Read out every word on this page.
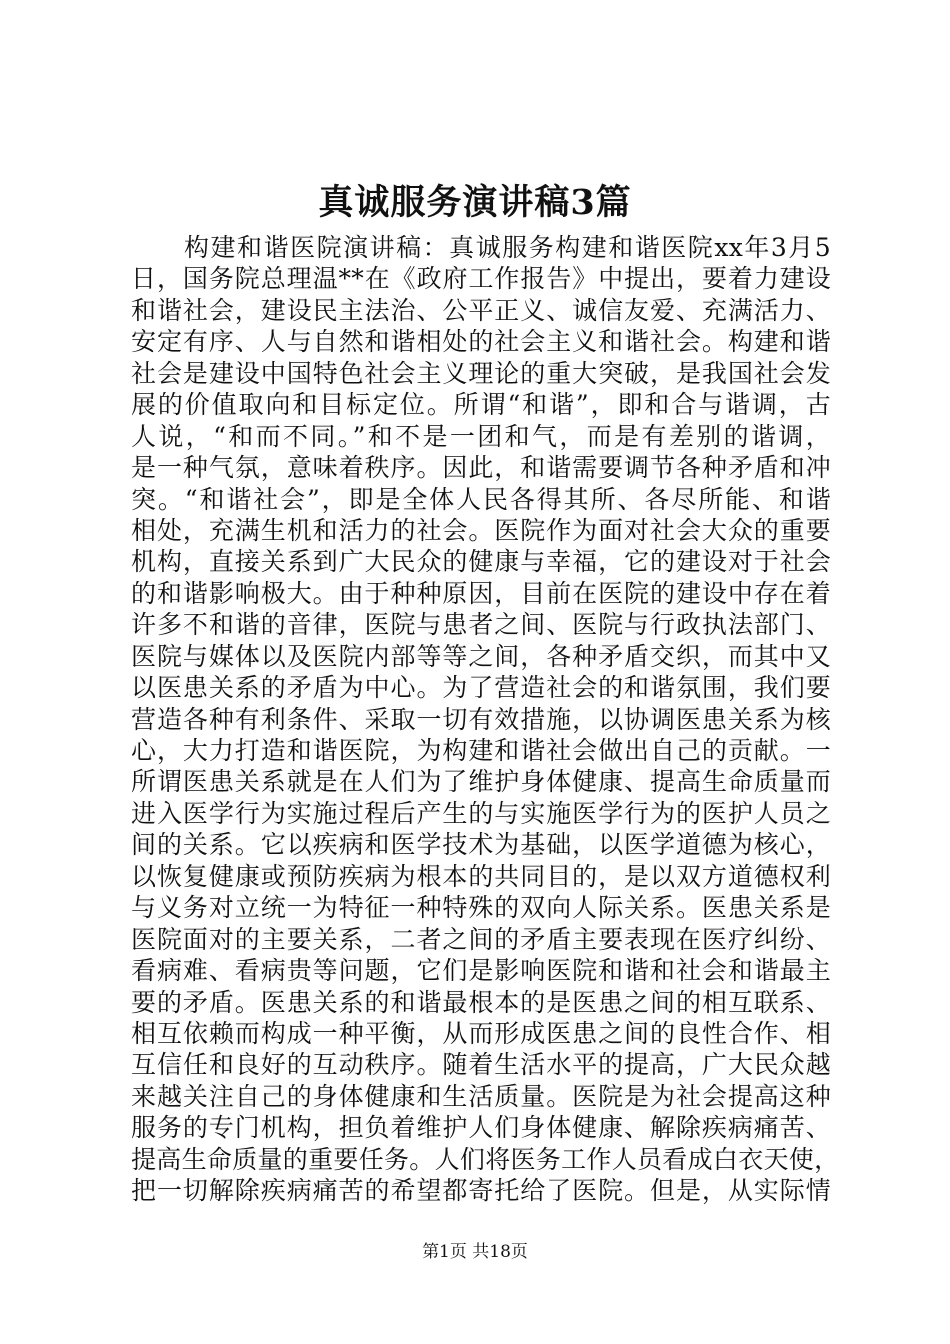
真诚服务演讲稿3篇
　　构建和谐医院演讲稿：真诚服务构建和谐医院xx年3月5
日，国务院总理温**在《政府工作报告》中提出，要着力建设
和谐社会，建设民主法治、公平正义、诚信友爱、充满活力、
安定有序、人与自然和谐相处的社会主义和谐社会。构建和谐
社会是建设中国特色社会主义理论的重大突破，是我国社会发
展的价值取向和目标定位。所谓“和谐”，即和合与谐调，古
人说，“和而不同。”和不是一团和气，而是有差别的谐调，
是一种气氛，意味着秩序。因此，和谐需要调节各种矛盾和冲
突。“和谐社会”，即是全体人民各得其所、各尽所能、和谐
相处，充满生机和活力的社会。医院作为面对社会大众的重要
机构，直接关系到广大民众的健康与幸福，它的建设对于社会
的和谐影响极大。由于种种原因，目前在医院的建设中存在着
许多不和谐的音律，医院与患者之间、医院与行政执法部门、
医院与媒体以及医院内部等等之间，各种矛盾交织，而其中又
以医患关系的矛盾为中心。为了营造社会的和谐氛围，我们要
营造各种有利条件、采取一切有效措施，以协调医患关系为核
心，大力打造和谐医院，为构建和谐社会做出自己的贡献。一
所谓医患关系就是在人们为了维护身体健康、提高生命质量而
进入医学行为实施过程后产生的与实施医学行为的医护人员之
间的关系。它以疾病和医学技术为基础，以医学道德为核心，
以恢复健康或预防疾病为根本的共同目的，是以双方道德权利
与义务对立统一为特征一种特殊的双向人际关系。医患关系是
医院面对的主要关系，二者之间的矛盾主要表现在医疗纠纷、
看病难、看病贵等问题，它们是影响医院和谐和社会和谐最主
要的矛盾。医患关系的和谐最根本的是医患之间的相互联系、
相互依赖而构成一种平衡，从而形成医患之间的良性合作、相
互信任和良好的互动秩序。随着生活水平的提高，广大民众越
来越关注自己的身体健康和生活质量。医院是为社会提高这种
服务的专门机构，担负着维护人们身体健康、解除疾病痛苦、
提高生命质量的重要任务。人们将医务工作人员看成白衣天使，
把一切解除疾病痛苦的希望都寄托给了医院。但是，从实际情
第1页 共18页
